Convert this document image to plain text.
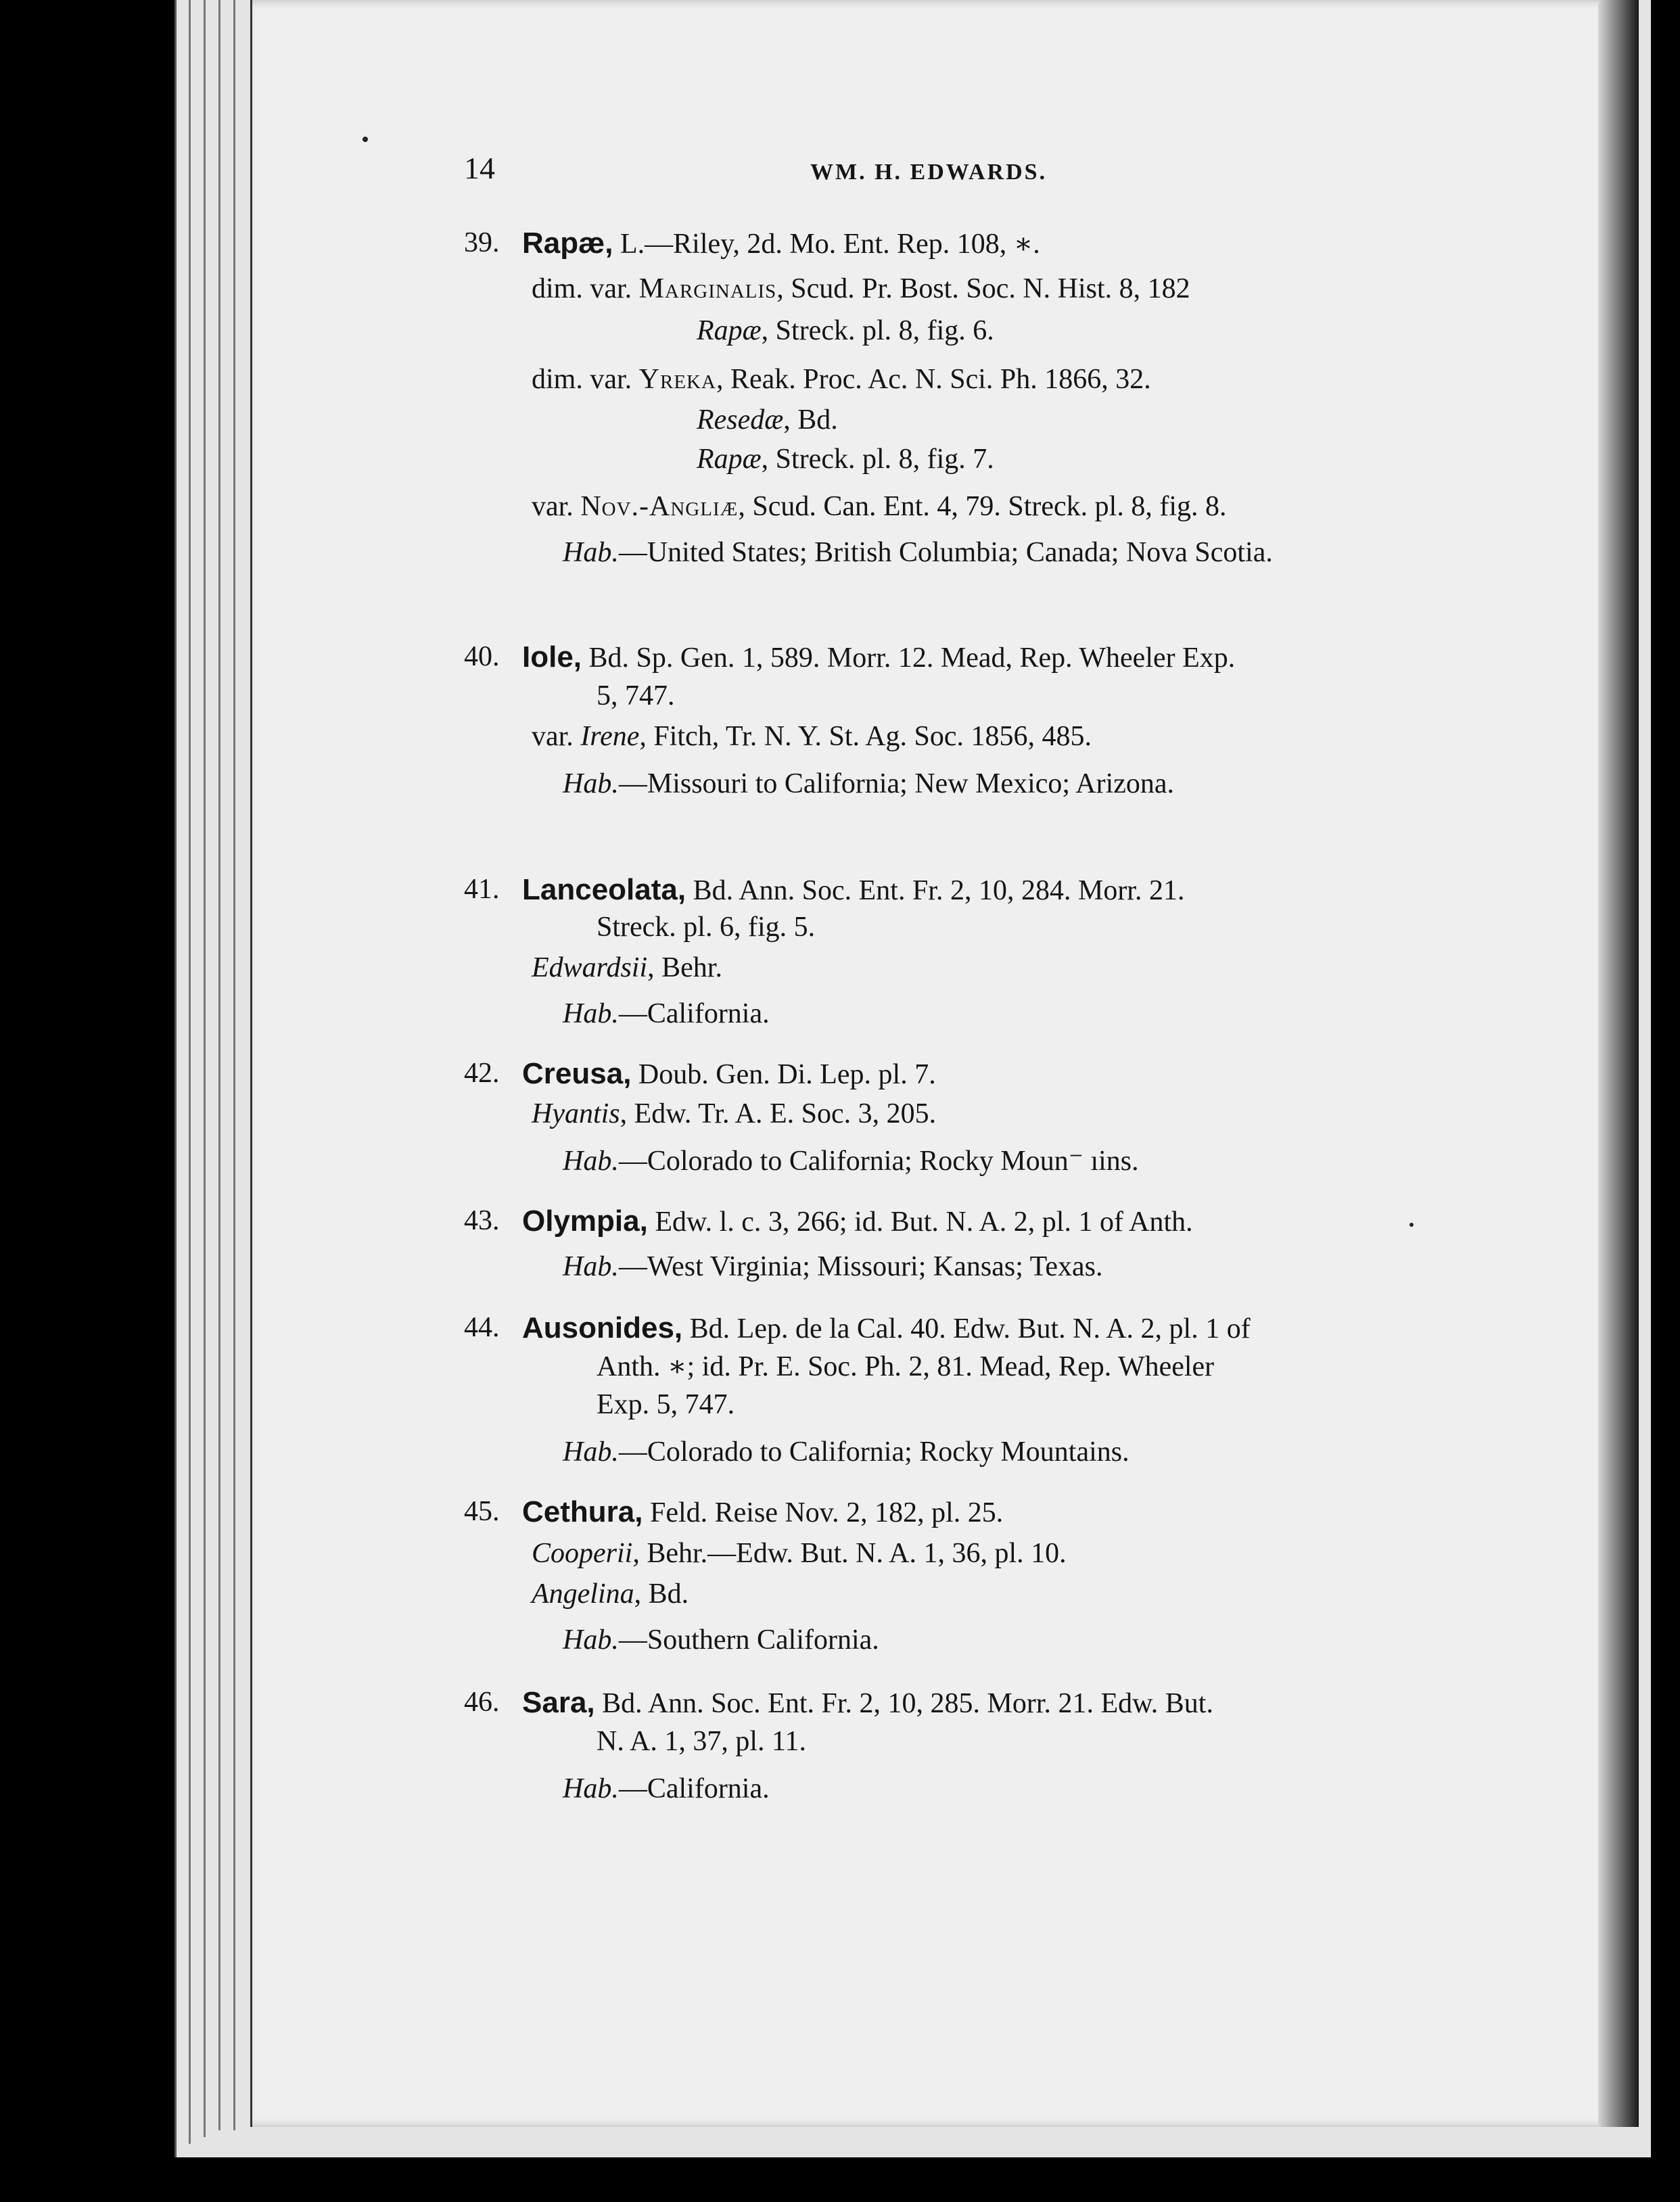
14	WM. H. EDWARDS.
39. Rapæ, L.—Riley, 2d. Mo. Ent. Rep. 108, ∗.
dim. var. Marginalis, Scud. Pr. Bost. Soc. N. Hist. 8, 182
Rapæ, Streck. pl. 8, fig. 6.
dim. var. Yreka, Reak. Proc. Ac. N. Sci. Ph. 1866, 32.
Resedæ, Bd.
Rapæ, Streck. pl. 8, fig. 7.
var. Nov.-Angliæ, Scud. Can. Ent. 4, 79. Streck. pl. 8, fig. 8.
Hab.—United States; British Columbia; Canada; Nova Scotia.
40. Iole, Bd. Sp. Gen. 1, 589. Morr. 12. Mead, Rep. Wheeler Exp.
5, 747.
var. Irene, Fitch, Tr. N. Y. St. Ag. Soc. 1856, 485.
Hab.—Missouri to California; New Mexico; Arizona.
41. Lanceolata, Bd. Ann. Soc. Ent. Fr. 2, 10, 284. Morr. 21.
Streck. pl. 6, fig. 5.
Edwardsii, Behr.
Hab.—California.
42. Creusa, Doub. Gen. Di. Lep. pl. 7.
Hyantis, Edw. Tr. A. E. Soc. 3, 205.
Hab.—Colorado to California; Rocky Moun⁻ ıins.
43. Olympia, Edw. l. c. 3, 266; id. But. N. A. 2, pl. 1 of Anth.
Hab.—West Virginia; Missouri; Kansas; Texas.
44. Ausonides, Bd. Lep. de la Cal. 40. Edw. But. N. A. 2, pl. 1 of
Anth. ∗; id. Pr. E. Soc. Ph. 2, 81. Mead, Rep. Wheeler
Exp. 5, 747.
Hab.—Colorado to California; Rocky Mountains.
45. Cethura, Feld. Reise Nov. 2, 182, pl. 25.
Cooperii, Behr.—Edw. But. N. A. 1, 36, pl. 10.
Angelina, Bd.
Hab.—Southern California.
46. Sara, Bd. Ann. Soc. Ent. Fr. 2, 10, 285. Morr. 21. Edw. But.
N. A. 1, 37, pl. 11.
Hab.—California.
